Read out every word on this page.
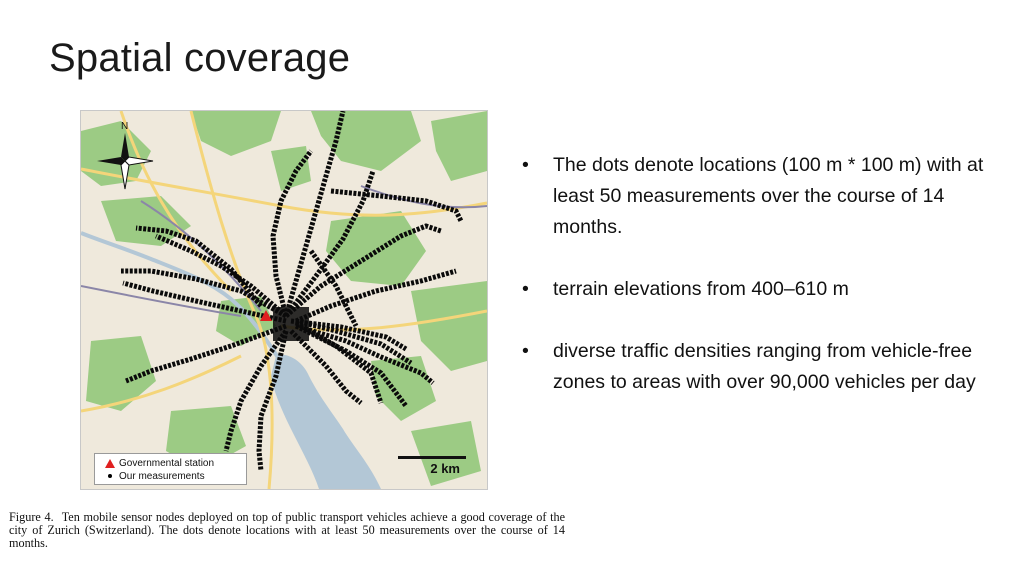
Spatial coverage
N
Governmental station
Our measurements	2 km

Figure 4. Ten mobile sensor nodes deployed on top of public transport vehicles achieve a good coverage of the city of Zurich (Switzerland). The dots denote locations with at least 50 measurements over the course of 14 months.

• The dots denote locations (100 m * 100 m) with at least 50 measurements over the course of 14 months.
• terrain elevations from 400–610 m
• diverse traffic densities ranging from vehicle-free zones to areas with over 90,000 vehicles per day
